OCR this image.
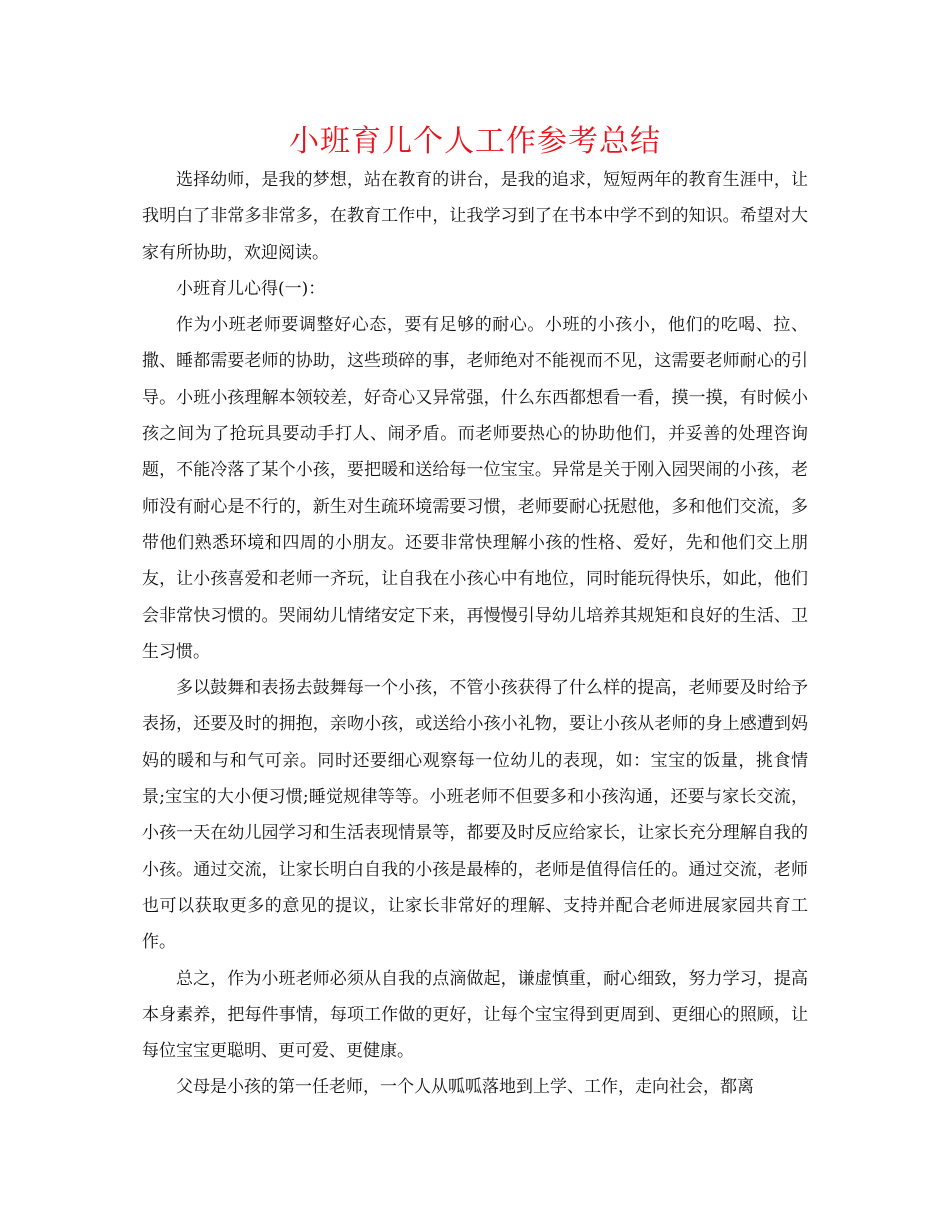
小班育儿个人工作参考总结

选择幼师，是我的梦想，站在教育的讲台，是我的追求，短短两年的教育生涯中，让我明白了非常多非常多，在教育工作中，让我学习到了在书本中学不到的知识。希望对大家有所协助，欢迎阅读。

小班育儿心得(一)：

作为小班老师要调整好心态，要有足够的耐心。小班的小孩小，他们的吃喝、拉、撒、睡都需要老师的协助，这些琐碎的事，老师绝对不能视而不见，这需要老师耐心的引导。小班小孩理解本领较差，好奇心又异常强，什么东西都想看一看，摸一摸，有时候小孩之间为了抢玩具要动手打人、闹矛盾。而老师要热心的协助他们，并妥善的处理咨询题，不能冷落了某个小孩，要把暖和送给每一位宝宝。异常是关于刚入园哭闹的小孩，老师没有耐心是不行的，新生对生疏环境需要习惯，老师要耐心抚慰他，多和他们交流，多带他们熟悉环境和四周的小朋友。还要非常快理解小孩的性格、爱好，先和他们交上朋友，让小孩喜爱和老师一齐玩，让自我在小孩心中有地位，同时能玩得快乐，如此，他们会非常快习惯的。哭闹幼儿情绪安定下来，再慢慢引导幼儿培养其规矩和良好的生活、卫生习惯。

多以鼓舞和表扬去鼓舞每一个小孩，不管小孩获得了什么样的提高，老师要及时给予表扬，还要及时的拥抱，亲吻小孩，或送给小孩小礼物，要让小孩从老师的身上感遭到妈妈的暖和与和气可亲。同时还要细心观察每一位幼儿的表现，如：宝宝的饭量，挑食情景;宝宝的大小便习惯;睡觉规律等等。小班老师不但要多和小孩沟通，还要与家长交流，小孩一天在幼儿园学习和生活表现情景等，都要及时反应给家长，让家长充分理解自我的小孩。通过交流，让家长明白自我的小孩是最棒的，老师是值得信任的。通过交流，老师也可以获取更多的意见的提议，让家长非常好的理解、支持并配合老师进展家园共育工作。

总之，作为小班老师必须从自我的点滴做起，谦虚慎重，耐心细致，努力学习，提高本身素养，把每件事情，每项工作做的更好，让每个宝宝得到更周到、更细心的照顾，让每位宝宝更聪明、更可爱、更健康。

父母是小孩的第一任老师，一个人从呱呱落地到上学、工作，走向社会，都离
